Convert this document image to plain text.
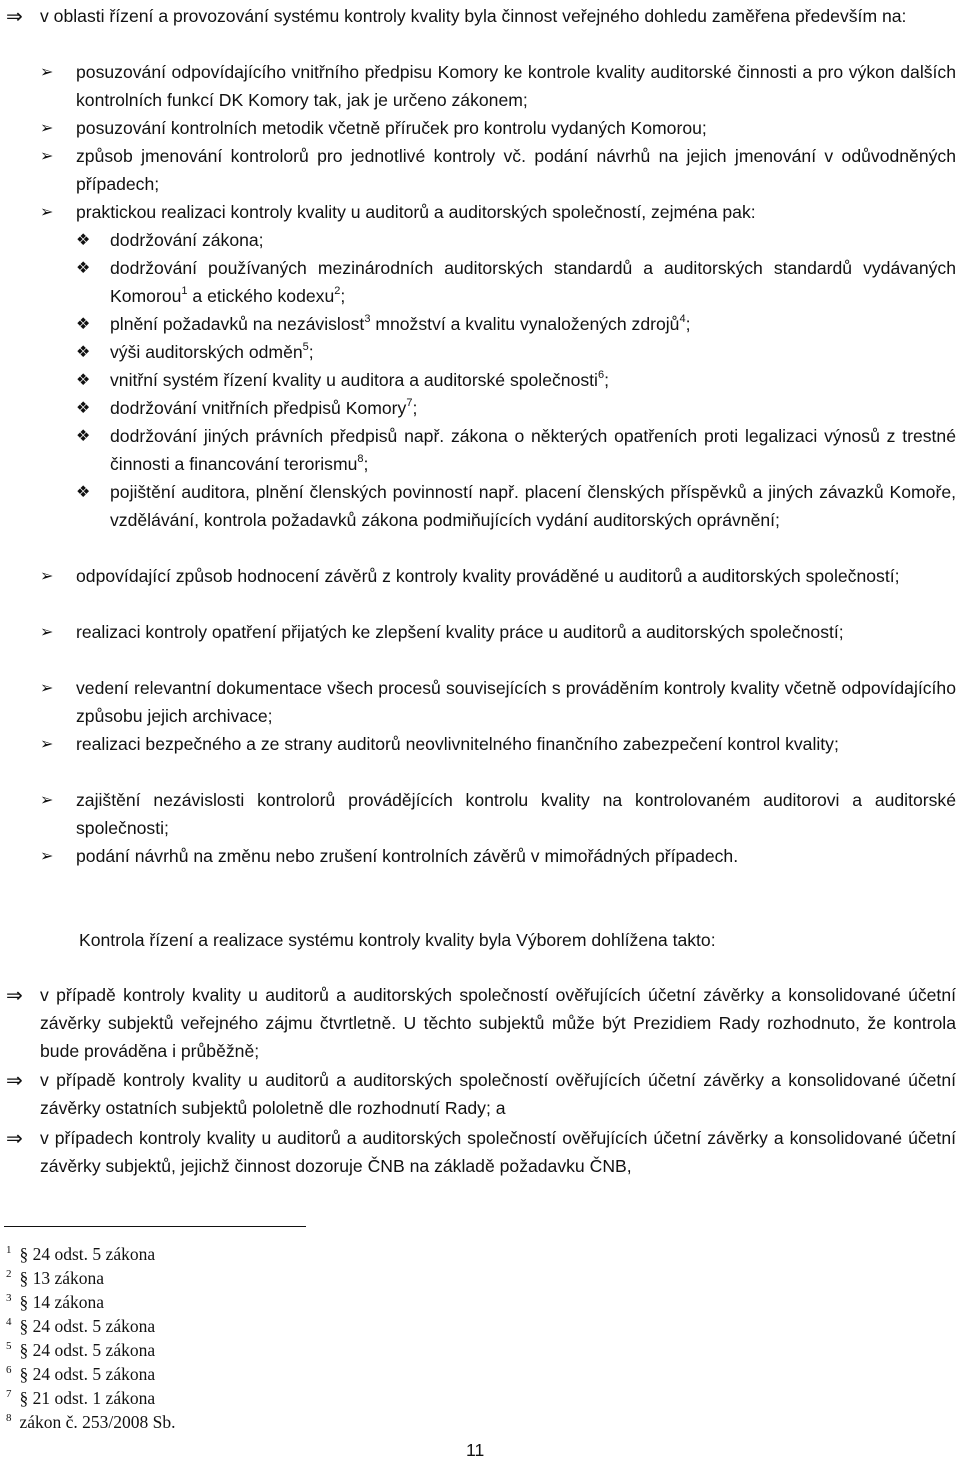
⇒ v oblasti řízení a provozování systému kontroly kvality byla činnost veřejného dohledu zaměřena především na:
➢	posuzování odpovídajícího vnitřního předpisu Komory ke kontrole kvality auditorské činnosti a pro výkon dalších kontrolních funkcí DK Komory tak, jak je určeno zákonem;
➢	posuzování kontrolních metodik včetně příruček pro kontrolu vydaných Komorou;
➢	způsob jmenování kontrolorů pro jednotlivé kontroly vč. podání návrhů na jejich jmenování v odůvodněných případech;
➢	praktickou realizaci kontroly kvality u auditorů a auditorských společností, zejména pak:
❖	dodržování zákona;
❖	dodržování používaných mezinárodních auditorských standardů a auditorských standardů vydávaných Komorou$^1$ a etického kodexu$^2$;
❖	plnění požadavků na nezávislost$^3$ množství a kvalitu vynaložených zdrojů$^4$;
❖	výši auditorských odměn$^5$;
❖	vnitřní systém řízení kvality u auditora a auditorské společnosti$^6$;
❖	dodržování vnitřních předpisů Komory$^7$;
❖	dodržování jiných právních předpisů např. zákona o některých opatřeních proti legalizaci výnosů z trestné činnosti a financování terorismu$^8$;
❖	pojištění auditora, plnění členských povinností např. placení členských příspěvků a jiných závazků Komoře, vzdělávání, kontrola požadavků zákona podmiňujících vydání auditorských oprávnění;
➢	odpovídající způsob hodnocení závěrů z kontroly kvality prováděné u auditorů a auditorských společností;
➢	realizaci kontroly opatření přijatých ke zlepšení kvality práce u auditorů a auditorských společností;
➢	vedení relevantní dokumentace všech procesů souvisejících s prováděním kontroly kvality včetně odpovídajícího způsobu jejich archivace;
➢	realizaci bezpečného a ze strany auditorů neovlivnitelného finančního zabezpečení kontrol kvality;
➢	zajištění nezávislosti kontrolorů provádějících kontrolu kvality na kontrolovaném auditorovi a auditorské společnosti;
➢	podání návrhů na změnu nebo zrušení kontrolních závěrů v mimořádných případech.
Kontrola řízení a realizace systému kontroly kvality byla Výborem dohlížena takto:
⇒ v případě kontroly kvality u auditorů a auditorských společností ověřujících účetní závěrky a konsolidované účetní závěrky subjektů veřejného zájmu čtvrtletně. U těchto subjektů může být Prezidiem Rady rozhodnuto, že kontrola bude prováděna i průběžně;
⇒ v případě kontroly kvality u auditorů a auditorských společností ověřujících účetní závěrky a konsolidované účetní závěrky ostatních subjektů pololetně dle rozhodnutí Rady; a
⇒ v případech kontroly kvality u auditorů a auditorských společností ověřujících účetní závěrky a konsolidované účetní závěrky subjektů, jejichž činnost dozoruje ČNB na základě požadavku ČNB,
$^1$ § 24 odst. 5 zákona
$^2$ § 13 zákona
$^3$ § 14 zákona
$^4$ § 24 odst. 5 zákona
$^5$ § 24 odst. 5 zákona
$^6$ § 24 odst. 5 zákona
$^7$ § 21 odst. 1 zákona
$^8$ zákon č. 253/2008 Sb.
11
